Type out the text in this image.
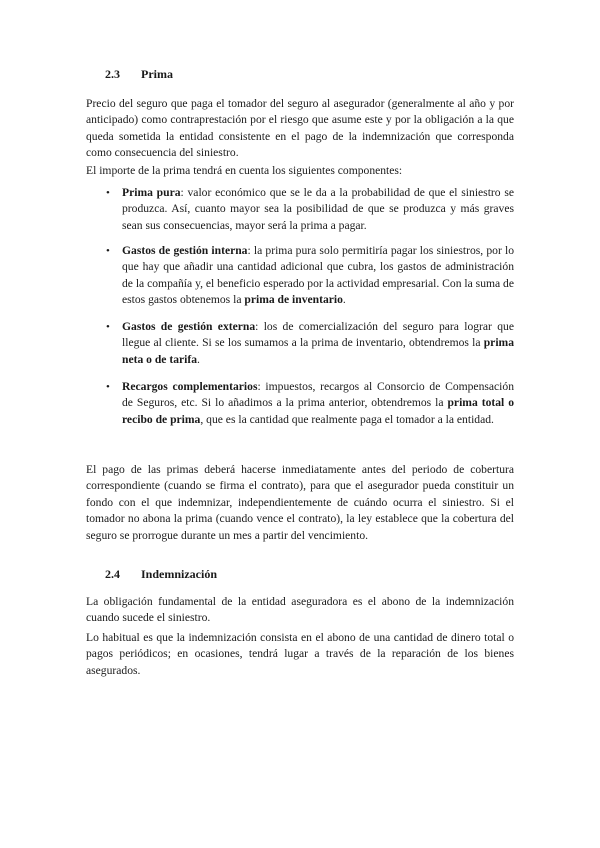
2.3 Prima

Precio del seguro que paga el tomador del seguro al asegurador (generalmente al año y por anticipado) como contraprestación por el riesgo que asume este y por la obligación a la que queda sometida la entidad consistente en el pago de la indemnización que corresponda como consecuencia del siniestro.

El importe de la prima tendrá en cuenta los siguientes componentes:

• Prima pura: valor económico que se le da a la probabilidad de que el siniestro se produzca. Así, cuanto mayor sea la posibilidad de que se produzca y más graves sean sus consecuencias, mayor será la prima a pagar.
• Gastos de gestión interna: la prima pura solo permitiría pagar los siniestros, por lo que hay que añadir una cantidad adicional que cubra, los gastos de administración de la compañía y, el beneficio esperado por la actividad empresarial. Con la suma de estos gastos obtenemos la prima de inventario.
• Gastos de gestión externa: los de comercialización del seguro para lograr que llegue al cliente. Si se los sumamos a la prima de inventario, obtendremos la prima neta o de tarifa.
• Recargos complementarios: impuestos, recargos al Consorcio de Compensación de Seguros, etc. Si lo añadimos a la prima anterior, obtendremos la prima total o recibo de prima, que es la cantidad que realmente paga el tomador a la entidad.

El pago de las primas deberá hacerse inmediatamente antes del periodo de cobertura correspondiente (cuando se firma el contrato), para que el asegurador pueda constituir un fondo con el que indemnizar, independientemente de cuándo ocurra el siniestro. Si el tomador no abona la prima (cuando vence el contrato), la ley establece que la cobertura del seguro se prorrogue durante un mes a partir del vencimiento.

2.4 Indemnización

La obligación fundamental de la entidad aseguradora es el abono de la indemnización cuando sucede el siniestro.

Lo habitual es que la indemnización consista en el abono de una cantidad de dinero total o pagos periódicos; en ocasiones, tendrá lugar a través de la reparación de los bienes asegurados.
